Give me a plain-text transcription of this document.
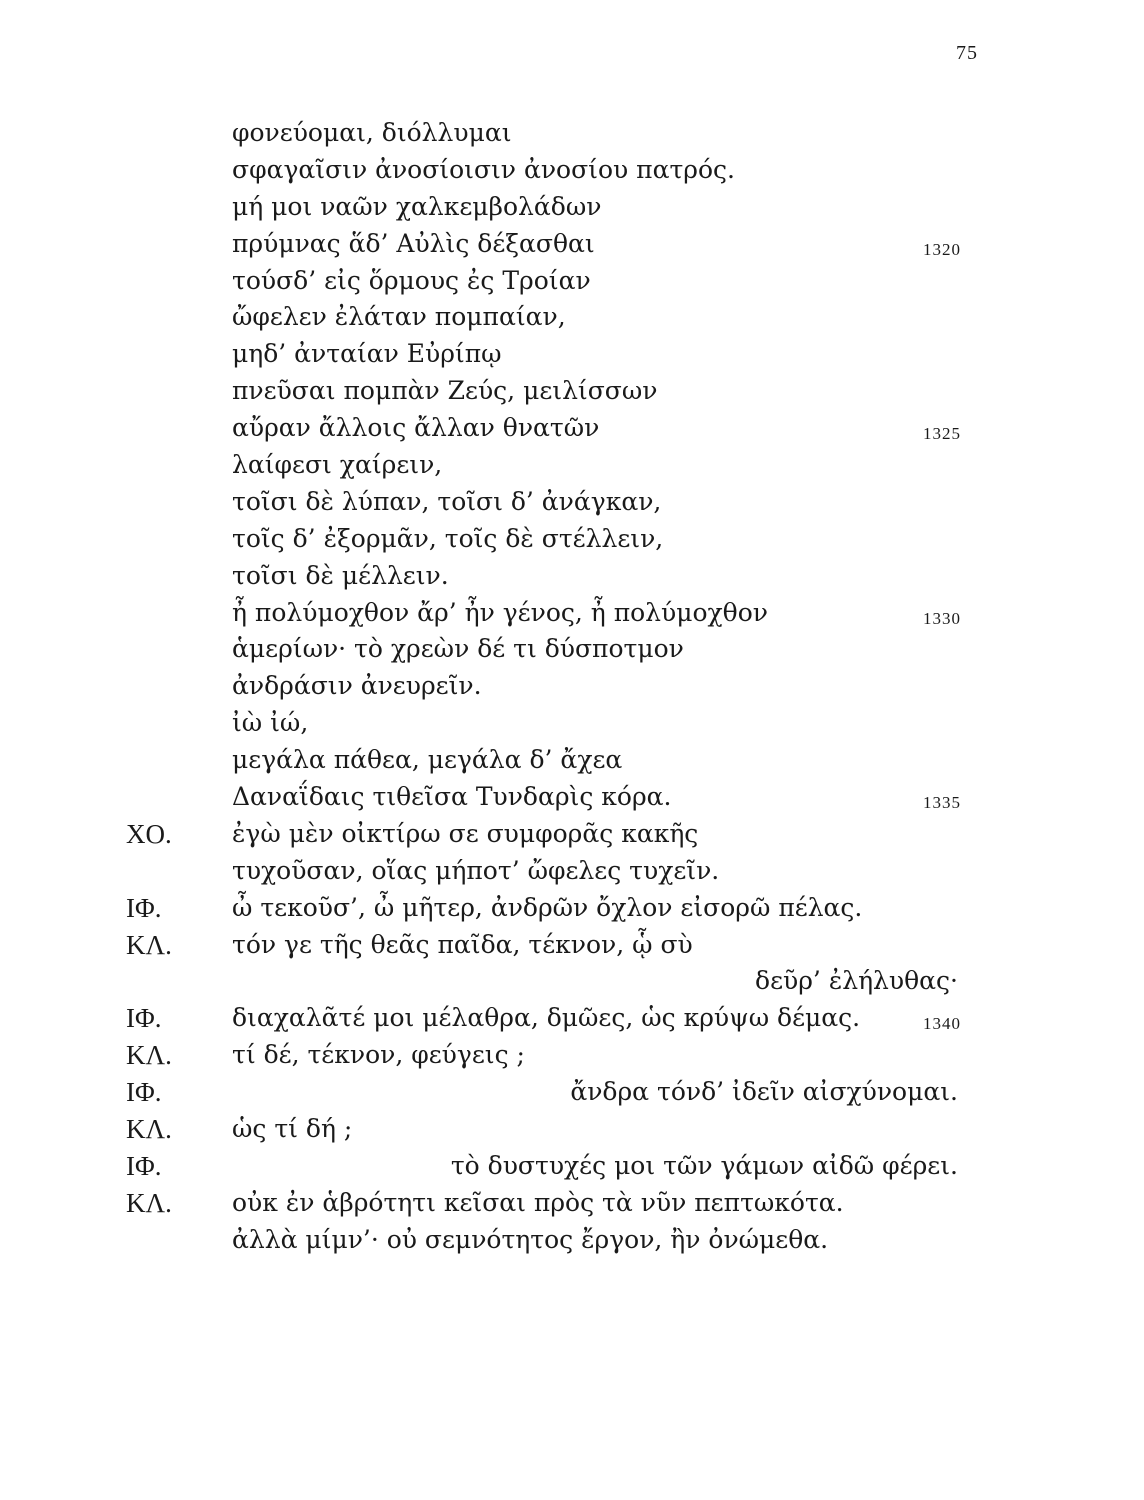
75
φονεύομαι, διόλλυμαι
σφαγαῖσιν ἀνοσίοισιν ἀνοσίου πατρός.
μή μοι ναῶν χαλκεμβολάδων
πρύμνας ἅδ’ Αὐλὶς δέξασθαι	1320
τούσδ’ εἰς ὅρμους ἐς Τροίαν
ὤφελεν ἐλάταν πομπαίαν,
μηδ’ ἀνταίαν Εὐρίπῳ
πνεῦσαι πομπὰν Ζεύς, μειλίσσων
αὔραν ἄλλοις ἄλλαν θνατῶν	1325
λαίφεσι χαίρειν,
τοῖσι δὲ λύπαν, τοῖσι δ’ ἀνάγκαν,
τοῖς δ’ ἐξορμᾶν, τοῖς δὲ στέλλειν,
τοῖσι δὲ μέλλειν.
ἦ πολύμοχθον ἄρ’ ἦν γένος, ἦ πολύμοχθον	1330
ἁμερίων· τὸ χρεὼν δέ τι δύσποτμον
ἀνδράσιν ἀνευρεῖν.
ἰὼ ἰώ,
μεγάλα πάθεα, μεγάλα δ’ ἄχεα
Δαναΐδαις τιθεῖσα Τυνδαρὶς κόρα.	1335
ΧΟ. ἐγὼ μὲν οἰκτίρω σε συμφορᾶς κακῆς
τυχοῦσαν, οἵας μήποτ’ ὤφελες τυχεῖν.
ΙΦ.	ὦ τεκοῦσ’, ὦ μῆτερ, ἀνδρῶν ὄχλον εἰσορῶ πέλας.
ΚΛ. τόν γε τῆς θεᾶς παῖδα, τέκνον, ᾧ σὺ
δεῦρ’ ἐλήλυθας·
ΙΦ.	διαχαλᾶτέ μοι μέλαθρα, δμῶες, ὡς κρύψω δέμας.	1340
ΚΛ. τί δέ, τέκνον, φεύγεις ;
ΙΦ.	ἄνδρα τόνδ’ ἰδεῖν αἰσχύνομαι.
ΚΛ. ὡς τί δή ;
ΙΦ.	τὸ δυστυχές μοι τῶν γάμων αἰδῶ φέρει.
ΚΛ. οὐκ ἐν ἁβρότητι κεῖσαι πρὸς τὰ νῦν πεπτωκότα.
ἀλλὰ μίμν’· οὐ σεμνότητος ἔργον, ἢν ὀνώμεθα.
